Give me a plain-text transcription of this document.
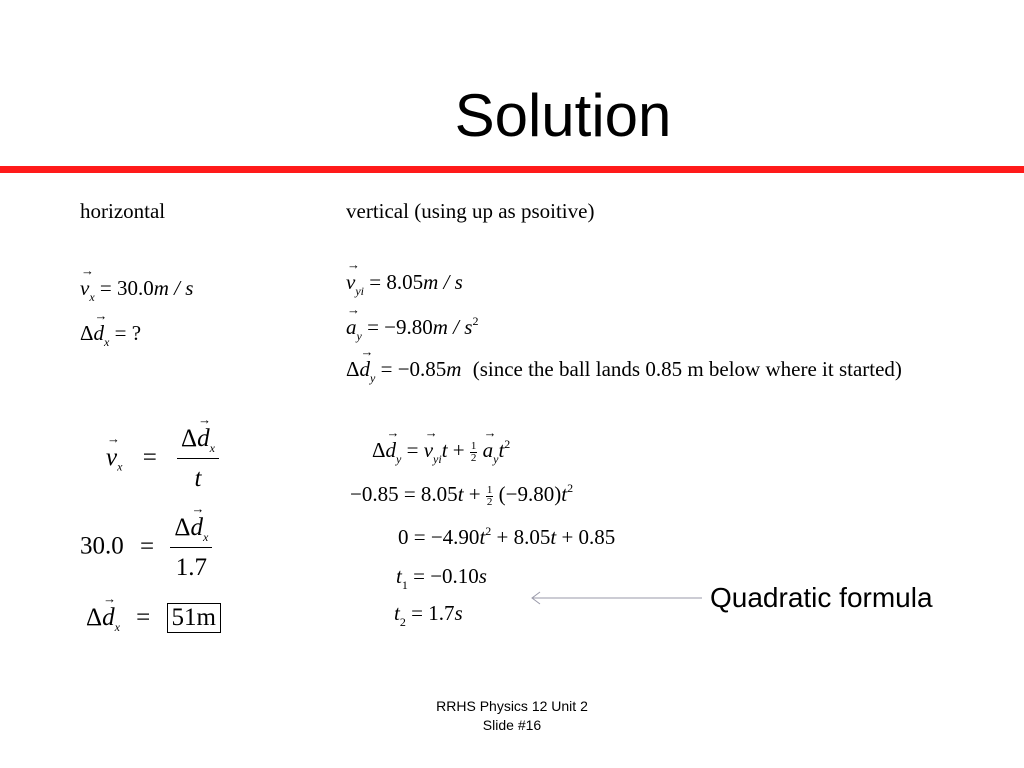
Solution
horizontal	vertical (using up as psoitive)
→ $v_x = 30.0m / s$
$\Delta\to d_x$ = ?
→ $v_{yi} = 8.05m / s$
→ $a_y = -9.80m / s^2$
$\Delta\to d_y = -0.85m$ (since the ball lands 0.85 m below where it started)
→ $v_x = \frac{\Delta\to d_x}{t}$
$30.0 = \frac{\Delta\to d_x}{1.7}$
$\Delta\to d_x = 51m$
$\Delta\to d_y$ = → $v_{yi}t + \frac{1}{2}$
→ $a_yt^2$
$-0.85 = 8.05t + \frac{1}{2} (-9.80)t^2$
$0 = -4.90t^2 + 8.05t + 0.85$
$t_1 = -0.10s$
$t_2 = 1.7s$	Quadratic formula
RRHS Physics 12 Unit 2
Slide #16
